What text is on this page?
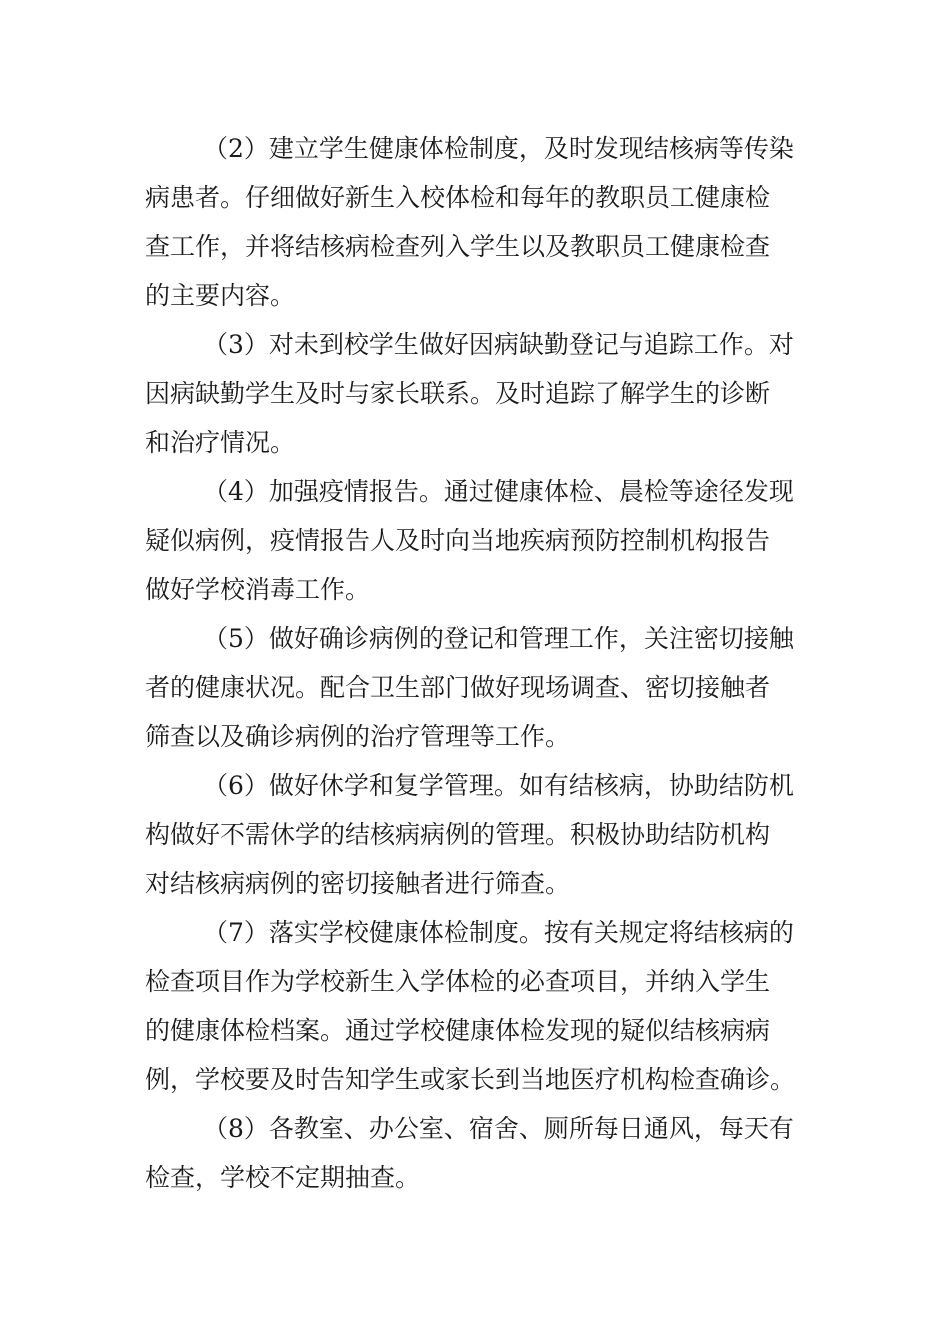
（2）建立学生健康体检制度，及时发现结核病等传染
病患者。仔细做好新生入校体检和每年的教职员工健康检
查工作，并将结核病检查列入学生以及教职员工健康检查
的主要内容。

（3）对未到校学生做好因病缺勤登记与追踪工作。对
因病缺勤学生及时与家长联系。及时追踪了解学生的诊断
和治疗情况。

（4）加强疫情报告。通过健康体检、晨检等途径发现
疑似病例，疫情报告人及时向当地疾病预防控制机构报告
做好学校消毒工作。

（5）做好确诊病例的登记和管理工作，关注密切接触
者的健康状况。配合卫生部门做好现场调查、密切接触者
筛查以及确诊病例的治疗管理等工作。

（6）做好休学和复学管理。如有结核病，协助结防机
构做好不需休学的结核病病例的管理。积极协助结防机构
对结核病病例的密切接触者进行筛查。

（7）落实学校健康体检制度。按有关规定将结核病的
检查项目作为学校新生入学体检的必查项目，并纳入学生
的健康体检档案。通过学校健康体检发现的疑似结核病病
例，学校要及时告知学生或家长到当地医疗机构检查确诊。

（8）各教室、办公室、宿舍、厕所每日通风，每天有
检查，学校不定期抽查。
